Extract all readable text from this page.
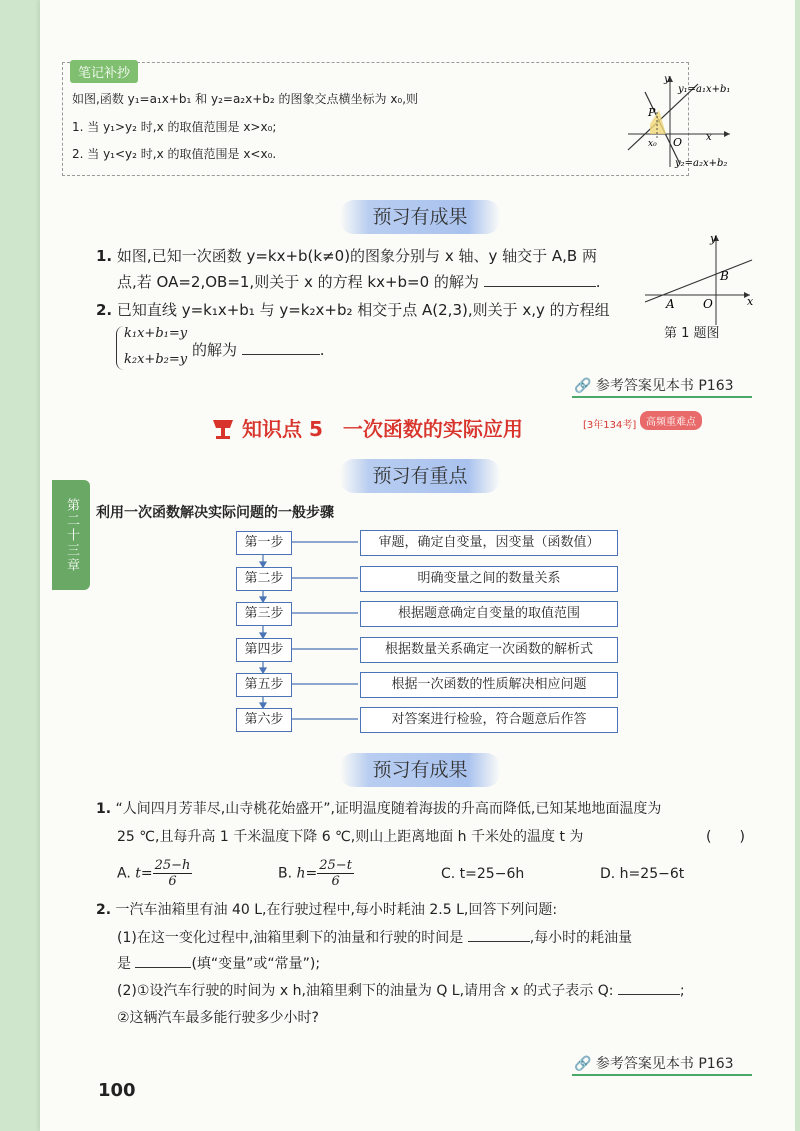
笔记补抄
如图,函数 y₁=a₁x+b₁ 和 y₂=a₂x+b₂ 的图象交点横坐标为 x₀,则
1. 当 y₁>y₂ 时,x 的取值范围是 x>x₀;
2. 当 y₁<y₂ 时,x 的取值范围是 x<x₀.
y
x
y₁=a₁x+b₁
y₂=a₂x+b₂
P
O
x₀
预习有成果
1. 如图,已知一次函数 y=kx+b(k≠0)的图象分别与 x 轴、y 轴交于 A,B 两
点,若 OA=2,OB=1,则关于 x 的方程 kx+b=0 的解为	.
2. 已知直线 y=k₁x+b₁ 与 y=k₂x+b₂ 相交于点 A(2,3),则关于 x,y 的方程组
k₁x+b₁=y
k₂x+b₂=y
的解为	.
y
x
A
B
O
第 1 题图
🔗 参考答案见本书 P163
知识点 5　一次函数的实际应用	[3年134考] 高频重难点
预习有重点
利用一次函数解决实际问题的一般步骤
第一步	审题，确定自变量，因变量（函数值）
第二步	明确变量之间的数量关系
第三步	根据题意确定自变量的取值范围
第四步	根据数量关系确定一次函数的解析式
第五步	根据一次函数的性质解决相应问题
第六步	对答案进行检验，符合题意后作答
预习有成果
1. “人间四月芳菲尽,山寺桃花始盛开”,证明温度随着海拔的升高而降低,已知某地地面温度为
25 ℃,且每升高 1 千米温度下降 6 ℃,则山上距离地面 h 千米处的温度 t 为	(　　)
A. $t= \frac{25-h}{6}$	B. $h= \frac{25-t}{6}$	C. t=25−6h	D. h=25−6t
2. 一汽车油箱里有油 40 L,在行驶过程中,每小时耗油 2.5 L,回答下列问题:
(1)在这一变化过程中,油箱里剩下的油量和行驶的时间是	,每小时的耗油量
是	(填“变量”或“常量”);
(2)①设汽车行驶的时间为 x h,油箱里剩下的油量为 Q L,请用含 x 的式子表示 Q:	;
②这辆汽车最多能行驶多少小时?
🔗 参考答案见本书 P163
第二十三章
100
